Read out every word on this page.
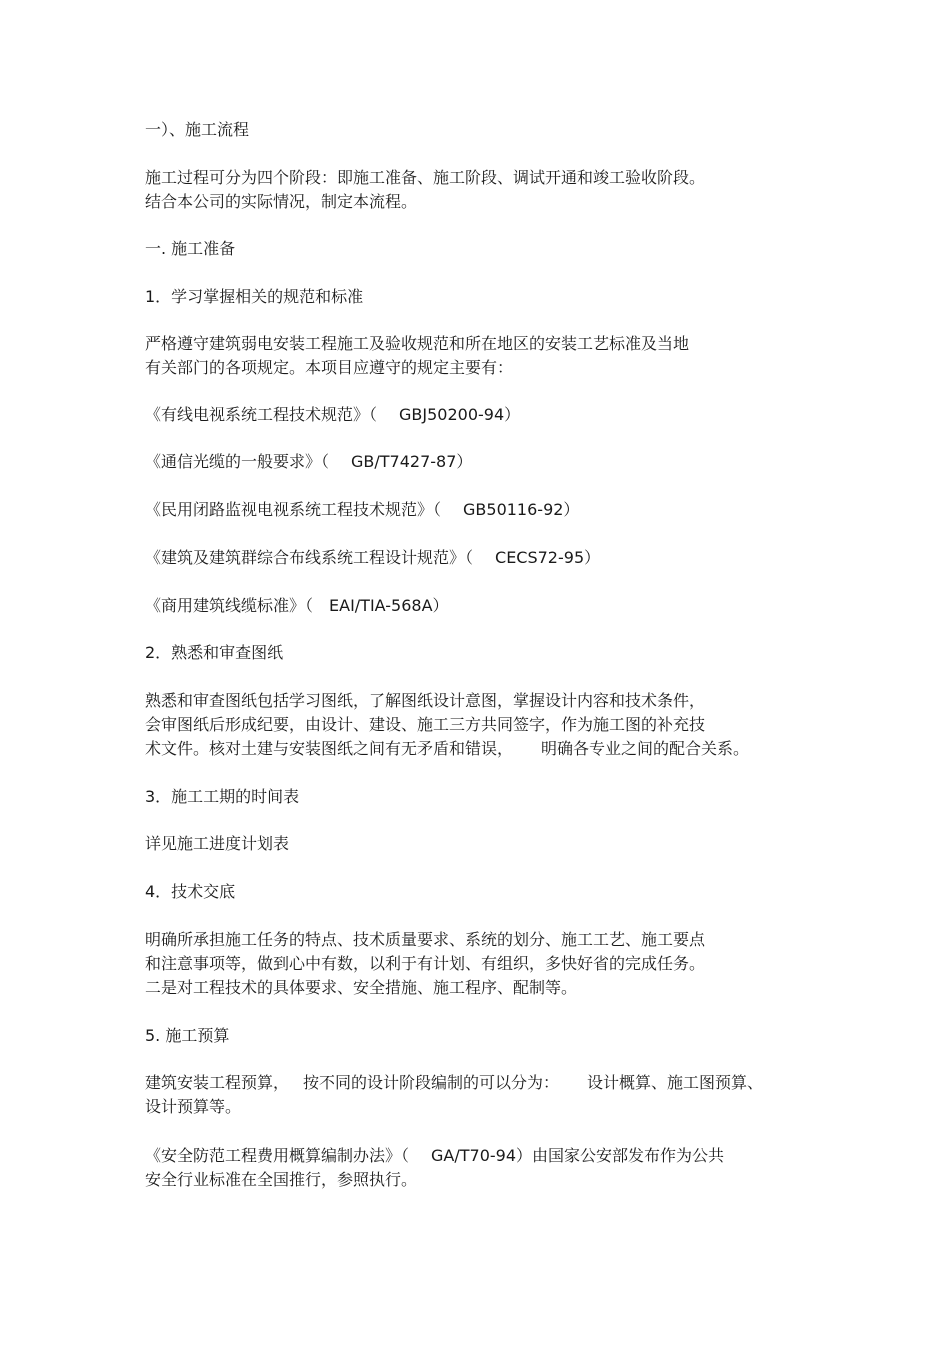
一）、施工流程
施工过程可分为四个阶段：即施工准备、施工阶段、调试开通和竣工验收阶段。
结合本公司的实际情况，制定本流程。
一. 施工准备
1．学习掌握相关的规范和标准
严格遵守建筑弱电安装工程施工及验收规范和所在地区的安装工艺标准及当地
有关部门的各项规定。本项目应遵守的规定主要有：
《有线电视系统工程技术规范》（ GBJ50200-94）
《通信光缆的一般要求》（ GB/T7427-87）
《民用闭路监视电视系统工程技术规范》（ GB50116-92）
《建筑及建筑群综合布线系统工程设计规范》（ CECS72-95）
《商用建筑线缆标准》（ EAI/TIA-568A）
2．熟悉和审查图纸
熟悉和审查图纸包括学习图纸，了解图纸设计意图，掌握设计内容和技术条件，
会审图纸后形成纪要，由设计、建设、施工三方共同签字，作为施工图的补充技
术文件。核对土建与安装图纸之间有无矛盾和错误， 明确各专业之间的配合关系。
3．施工工期的时间表
详见施工进度计划表
4．技术交底
明确所承担施工任务的特点、技术质量要求、系统的划分、施工工艺、施工要点
和注意事项等，做到心中有数，以利于有计划、有组织，多快好省的完成任务。
二是对工程技术的具体要求、安全措施、施工程序、配制等。
5. 施工预算
建筑安装工程预算， 按不同的设计阶段编制的可以分为： 设计概算、施工图预算、
设计预算等。
《安全防范工程费用概算编制办法》（ GA/T70-94）由国家公安部发布作为公共
安全行业标准在全国推行，参照执行。
